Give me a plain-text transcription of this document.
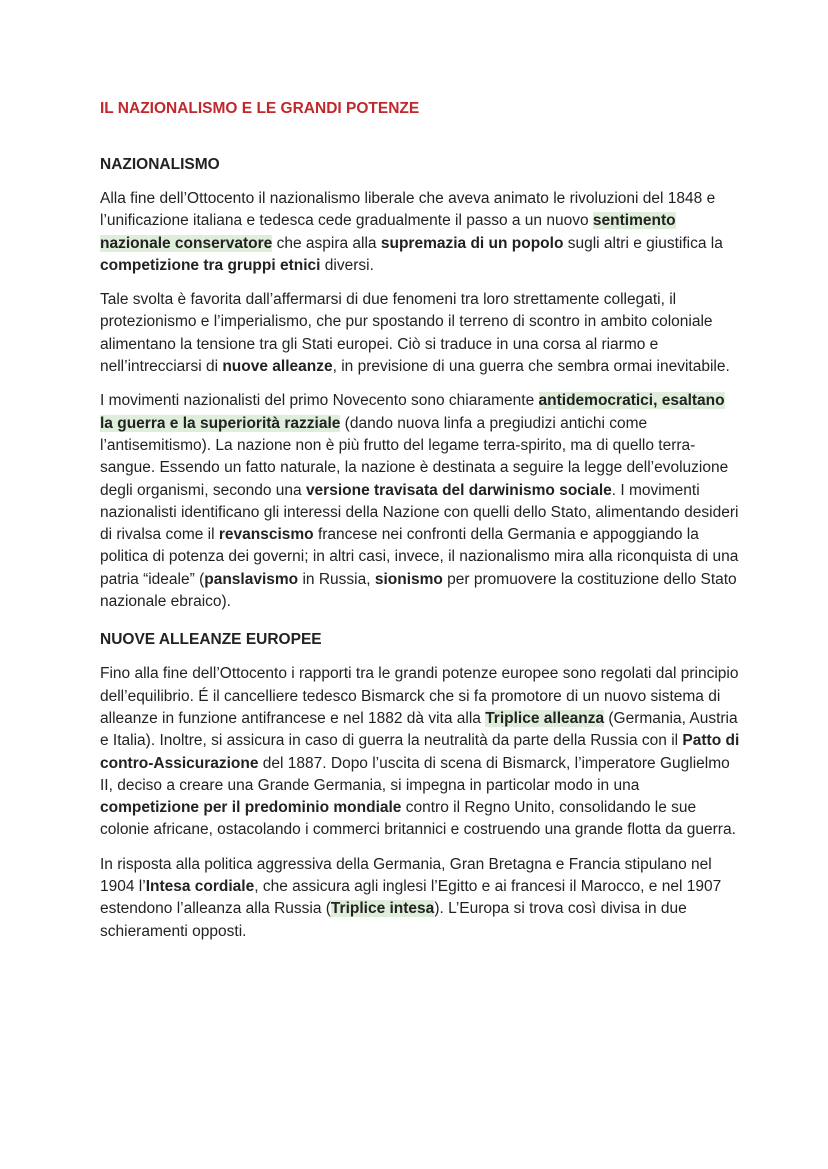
IL NAZIONALISMO E LE GRANDI POTENZE
NAZIONALISMO

Alla fine dell’Ottocento il nazionalismo liberale che aveva animato le rivoluzioni del 1848 e l’unificazione italiana e tedesca cede gradualmente il passo a un nuovo sentimento nazionale conservatore che aspira alla supremazia di un popolo sugli altri e giustifica la competizione tra gruppi etnici diversi.

Tale svolta è favorita dall’affermarsi di due fenomeni tra loro strettamente collegati, il protezionismo e l’imperialismo, che pur spostando il terreno di scontro in ambito coloniale alimentano la tensione tra gli Stati europei. Ciò si traduce in una corsa al riarmo e nell’intrecciarsi di nuove alleanze, in previsione di una guerra che sembra ormai inevitabile.

I movimenti nazionalisti del primo Novecento sono chiaramente antidemocratici, esaltano la guerra e la superiorità razziale (dando nuova linfa a pregiudizi antichi come l’antisemitismo). La nazione non è più frutto del legame terra-spirito, ma di quello terra-sangue. Essendo un fatto naturale, la nazione è destinata a seguire la legge dell’evoluzione degli organismi, secondo una versione travisata del darwinismo sociale. I movimenti nazionalisti identificano gli interessi della Nazione con quelli dello Stato, alimentando desideri di rivalsa come il revanscismo francese nei confronti della Germania e appoggiando la politica di potenza dei governi; in altri casi, invece, il nazionalismo mira alla riconquista di una patria “ideale” (panslavismo in Russia, sionismo per promuovere la costituzione dello Stato nazionale ebraico).

NUOVE ALLEANZE EUROPEE

Fino alla fine dell’Ottocento i rapporti tra le grandi potenze europee sono regolati dal principio dell’equilibrio. É il cancelliere tedesco Bismarck che si fa promotore di un nuovo sistema di alleanze in funzione antifrancese e nel 1882 dà vita alla Triplice alleanza (Germania, Austria e Italia). Inoltre, si assicura in caso di guerra la neutralità da parte della Russia con il Patto di contro-Assicurazione del 1887. Dopo l’uscita di scena di Bismarck, l’imperatore Guglielmo II, deciso a creare una Grande Germania, si impegna in particolar modo in una competizione per il predominio mondiale contro il Regno Unito, consolidando le sue colonie africane, ostacolando i commerci britannici e costruendo una grande flotta da guerra.

In risposta alla politica aggressiva della Germania, Gran Bretagna e Francia stipulano nel 1904 l’Intesa cordiale, che assicura agli inglesi l’Egitto e ai francesi il Marocco, e nel 1907 estendono l’alleanza alla Russia (Triplice intesa). L’Europa si trova così divisa in due schieramenti opposti.
